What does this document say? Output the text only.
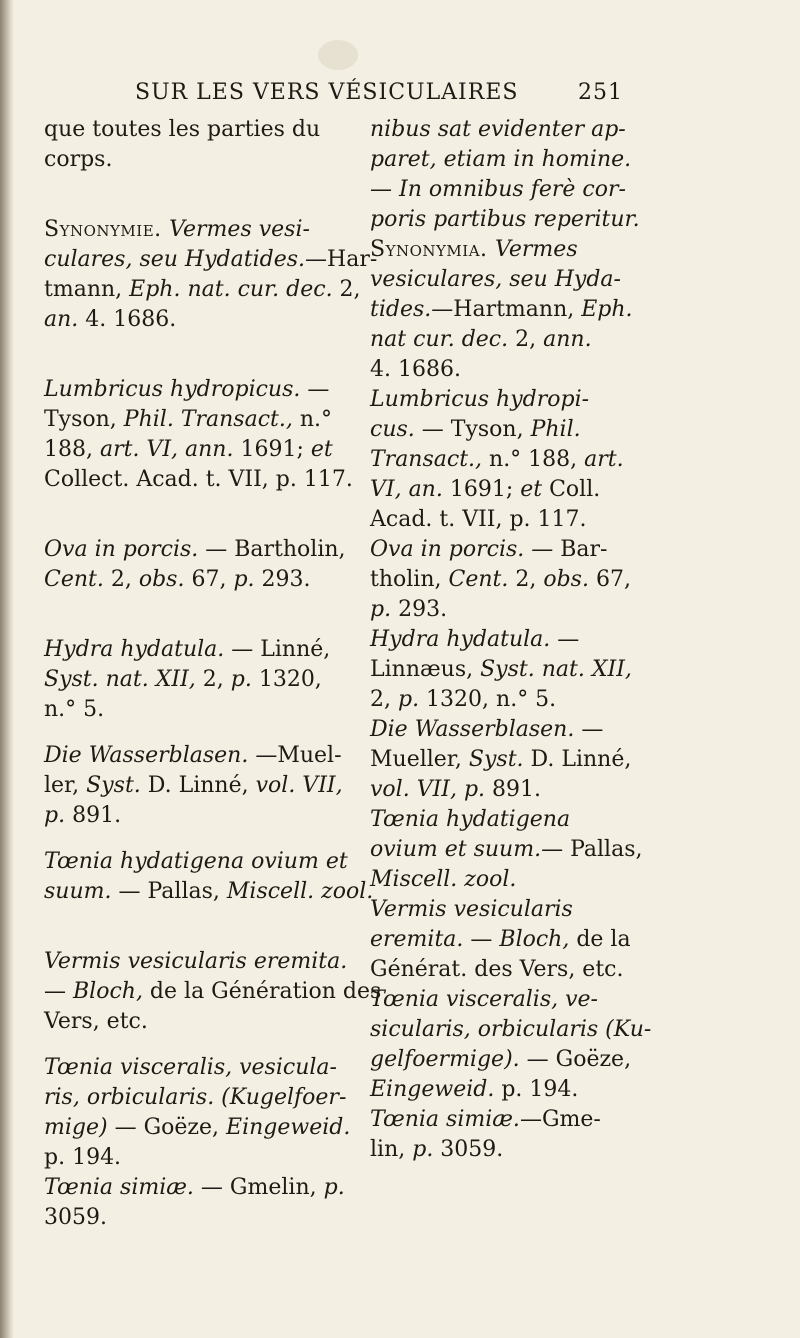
SUR LES VERS VÉSICULAIRES	251
que toutes les parties du
corps.
Synonymie. Vermes vesi-
culares, seu Hydatides.—Har-
tmann, Eph. nat. cur. dec. 2,
an. 4. 1686.
Lumbricus hydropicus. —
Tyson, Phil. Transact., n.°
188, art. VI, ann. 1691; et
Collect. Acad. t. VII, p. 117.
Ova in porcis. — Bartholin,
Cent. 2, obs. 67, p. 293.
Hydra hydatula. — Linné,
Syst. nat. XII, 2, p. 1320,
n.° 5.
Die Wasserblasen. —Muel-
ler, Syst. D. Linné, vol. VII,
p. 891.
Tœnia hydatigena ovium et
suum. — Pallas, Miscell. zool.
Vermis vesicularis eremita.
— Bloch, de la Génération des
Vers, etc.
Tœnia visceralis, vesicula-
ris, orbicularis. (Kugelfoer-
mige) — Goëze, Eingeweid.
p. 194.
Tœnia simiæ. — Gmelin, p.
3059.
nibus sat evidenter ap-
paret, etiam in homine.
— In omnibus ferè cor-
poris partibus reperitur.
Synonymia. Vermes
vesiculares, seu Hyda-
tides.—Hartmann, Eph.
nat cur. dec. 2, ann.
4. 1686.
Lumbricus hydropi-
cus. — Tyson, Phil.
Transact., n.° 188, art.
VI, an. 1691; et Coll.
Acad. t. VII, p. 117.
Ova in porcis. — Bar-
tholin, Cent. 2, obs. 67,
p. 293.
Hydra hydatula. —
Linnæus, Syst. nat. XII,
2, p. 1320, n.° 5.
Die Wasserblasen. —
Mueller, Syst. D. Linné,
vol. VII, p. 891.
Tœnia hydatigena
ovium et suum.— Pallas,
Miscell. zool.
Vermis vesicularis
eremita. — Bloch, de la
Générat. des Vers, etc.
Tœnia visceralis, ve-
sicularis, orbicularis (Ku-
gelfoermige). — Goëze,
Eingeweid. p. 194.
Tœnia simiæ.—Gme-
lin, p. 3059.
